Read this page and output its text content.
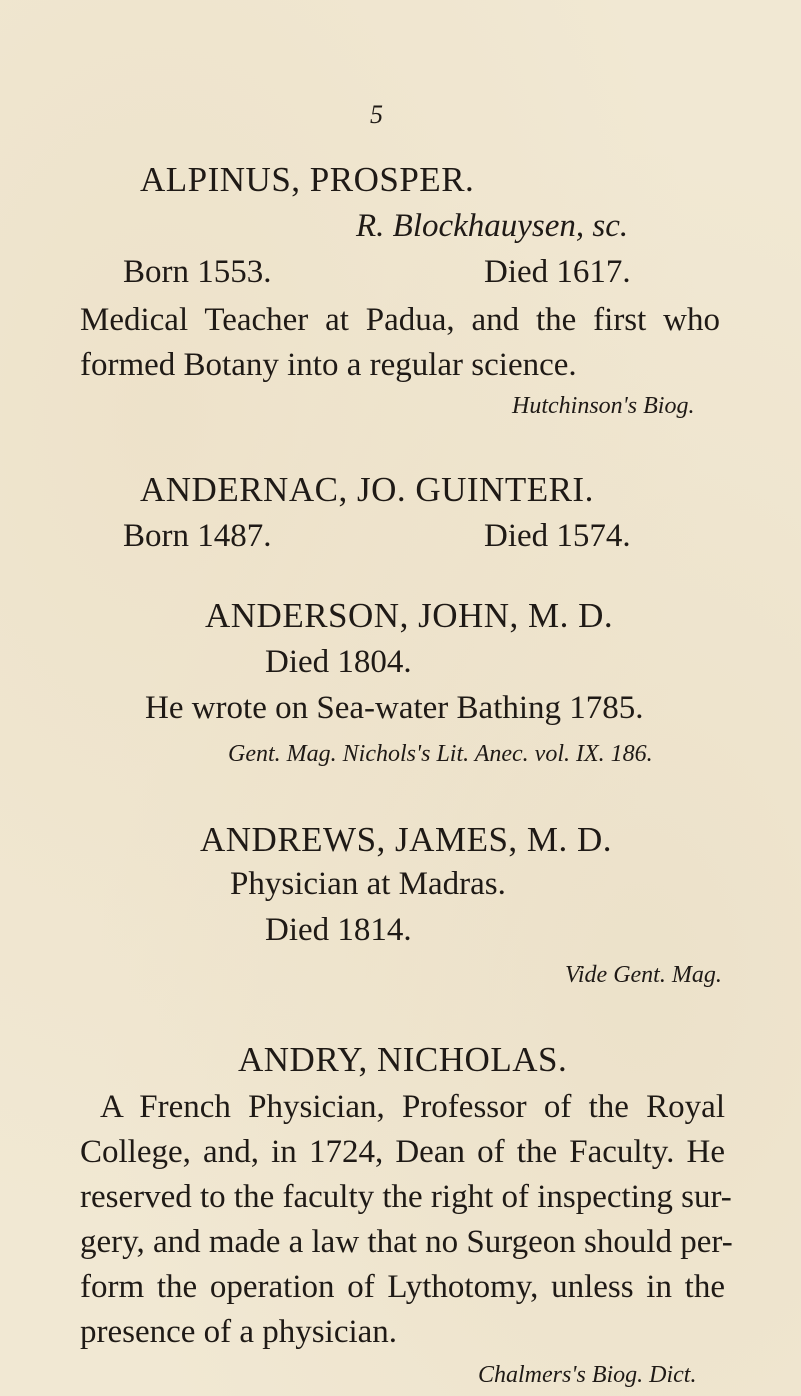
5
ALPINUS, PROSPER.
R. Blockhauysen, sc.
Born 1553.	Died 1617.
Medical Teacher at Padua, and the first who
formed Botany into a regular science.
Hutchinson's Biog.
ANDERNAC, JO. GUINTERI.
Born 1487.	Died 1574.
ANDERSON, JOHN, M. D.
Died 1804.
He wrote on Sea-water Bathing 1785.
Gent. Mag. Nichols's Lit. Anec. vol. IX. 186.
ANDREWS, JAMES, M. D.
Physician at Madras.
Died 1814.
Vide Gent. Mag.
ANDRY, NICHOLAS.
A French Physician, Professor of the Royal
College, and, in 1724, Dean of the Faculty. He
reserved to the faculty the right of inspecting sur-
gery, and made a law that no Surgeon should per-
form the operation of Lythotomy, unless in the
presence of a physician.
Chalmers's Biog. Dict.
